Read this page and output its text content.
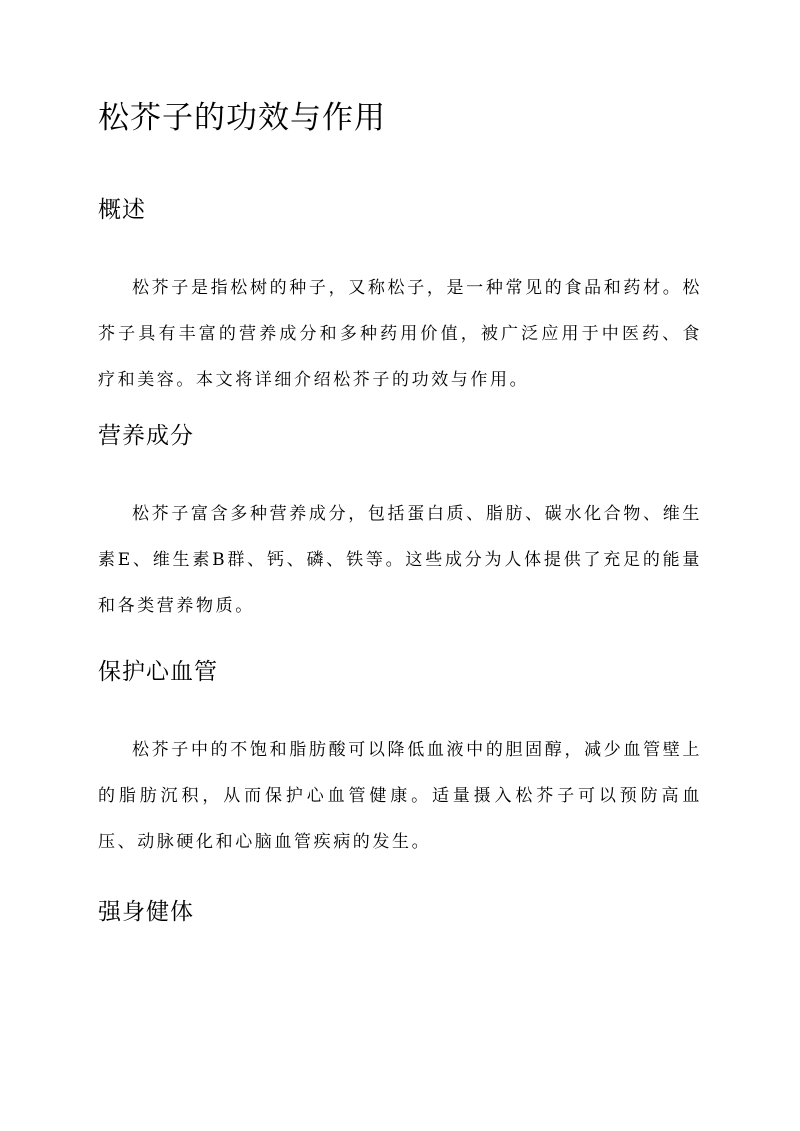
松芥子的功效与作用
概述

松芥子是指松树的种子，又称松子，是一种常见的食品和药材。松芥子具有丰富的营养成分和多种药用价值，被广泛应用于中医药、食疗和美容。本文将详细介绍松芥子的功效与作用。

营养成分

松芥子富含多种营养成分，包括蛋白质、脂肪、碳水化合物、维生素E、维生素B群、钙、磷、铁等。这些成分为人体提供了充足的能量和各类营养物质。

保护心血管

松芥子中的不饱和脂肪酸可以降低血液中的胆固醇，减少血管壁上的脂肪沉积，从而保护心血管健康。适量摄入松芥子可以预防高血压、动脉硬化和心脑血管疾病的发生。

强身健体
